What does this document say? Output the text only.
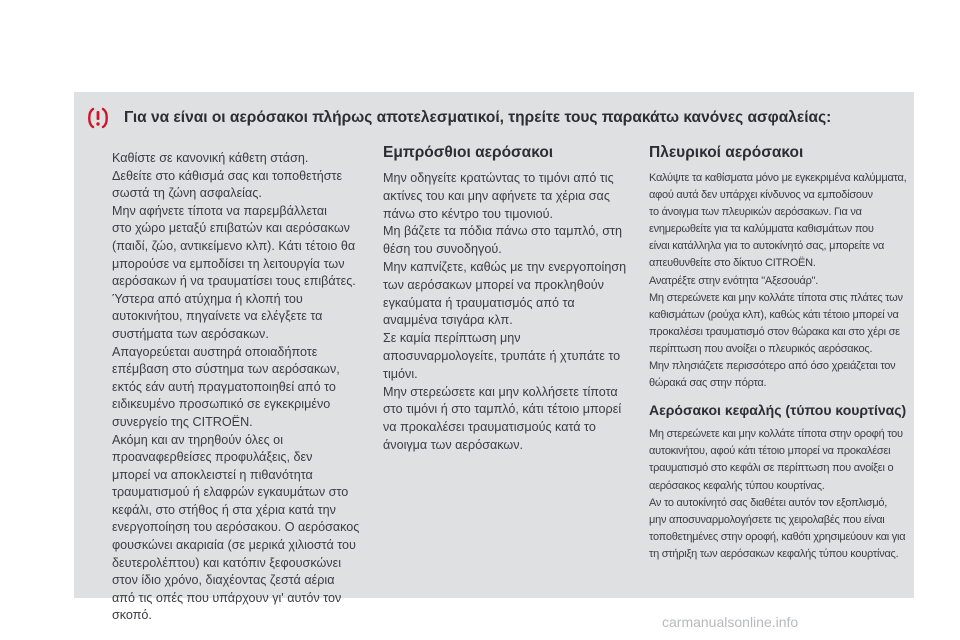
Για να είναι οι αερόσακοι πλήρως αποτελεσματικοί, τηρείτε τους παρακάτω κανόνες ασφαλείας:
Καθίστε σε κανονική κάθετη στάση.
Δεθείτε στο κάθισμά σας και τοποθετήστε
σωστά τη ζώνη ασφαλείας.
Μην αφήνετε τίποτα να παρεμβάλλεται
στο χώρο μεταξύ επιβατών και αερόσακων
(παιδί, ζώο, αντικείμενο κλπ). Κάτι τέτοιο θα
μπορούσε να εμποδίσει τη λειτουργία των
αερόσακων ή να τραυματίσει τους επιβάτες.
Ύστερα από ατύχημα ή κλοπή του
αυτοκινήτου, πηγαίνετε να ελέγξετε τα
συστήματα των αερόσακων.
Απαγορεύεται αυστηρά οποιαδήποτε
επέμβαση στο σύστημα των αερόσακων,
εκτός εάν αυτή πραγματοποιηθεί από το
ειδικευμένο προσωπικό σε εγκεκριμένο
συνεργείο της CITROËN.
Ακόμη και αν τηρηθούν όλες οι
προαναφερθείσες προφυλάξεις, δεν
μπορεί να αποκλειστεί η πιθανότητα
τραυματισμού ή ελαφρών εγκαυμάτων στο
κεφάλι, στο στήθος ή στα χέρια κατά την
ενεργοποίηση του αερόσακου. Ο αερόσακος
φουσκώνει ακαριαία (σε μερικά χιλιοστά του
δευτερολέπτου) και κατόπιν ξεφουσκώνει
στον ίδιο χρόνο, διαχέοντας ζεστά αέρια
από τις οπές που υπάρχουν γι' αυτόν τον
σκοπό.
Εμπρόσθιοι αερόσακοι
Μην οδηγείτε κρατώντας το τιμόνι από τις
ακτίνες του και μην αφήνετε τα χέρια σας
πάνω στο κέντρο του τιμονιού.
Μη βάζετε τα πόδια πάνω στο ταμπλό, στη
θέση του συνοδηγού.
Μην καπνίζετε, καθώς με την ενεργοποίηση
των αερόσακων μπορεί να προκληθούν
εγκαύματα ή τραυματισμός από τα
αναμμένα τσιγάρα κλπ.
Σε καμία περίπτωση μην
αποσυναρμολογείτε, τρυπάτε ή χτυπάτε το
τιμόνι.
Μην στερεώσετε και μην κολλήσετε τίποτα
στο τιμόνι ή στο ταμπλό, κάτι τέτοιο μπορεί
να προκαλέσει τραυματισμούς κατά το
άνοιγμα των αερόσακων.
Πλευρικοί αερόσακοι
Καλύψτε τα καθίσματα μόνο με εγκεκριμένα καλύμματα,
αφού αυτά δεν υπάρχει κίνδυνος να εμποδίσουν
το άνοιγμα των πλευρικών αερόσακων. Για να
ενημερωθείτε για τα καλύμματα καθισμάτων που
είναι κατάλληλα για το αυτοκίνητό σας, μπορείτε να
απευθυνθείτε στο δίκτυο CITROËN.
Ανατρέξτε στην ενότητα "Αξεσουάρ".
Μη στερεώνετε και μην κολλάτε τίποτα στις πλάτες των
καθισμάτων (ρούχα κλπ), καθώς κάτι τέτοιο μπορεί να
προκαλέσει τραυματισμό στον θώρακα και στο χέρι σε
περίπτωση που ανοίξει ο πλευρικός αερόσακος.
Μην πλησιάζετε περισσότερο από όσο χρειάζεται τον
θώρακά σας στην πόρτα.
Αερόσακοι κεφαλής (τύπου κουρτίνας)
Μη στερεώνετε και μην κολλάτε τίποτα στην οροφή του
αυτοκινήτου, αφού κάτι τέτοιο μπορεί να προκαλέσει
τραυματισμό στο κεφάλι σε περίπτωση που ανοίξει ο
αερόσακος κεφαλής τύπου κουρτίνας.
Αν το αυτοκίνητό σας διαθέτει αυτόν τον εξοπλισμό,
μην αποσυναρμολογήσετε τις χειρολαβές που είναι
τοποθετημένες στην οροφή, καθότι χρησιμεύουν και για
τη στήριξη των αερόσακων κεφαλής τύπου κουρτίνας.
carmanualsonline.info
